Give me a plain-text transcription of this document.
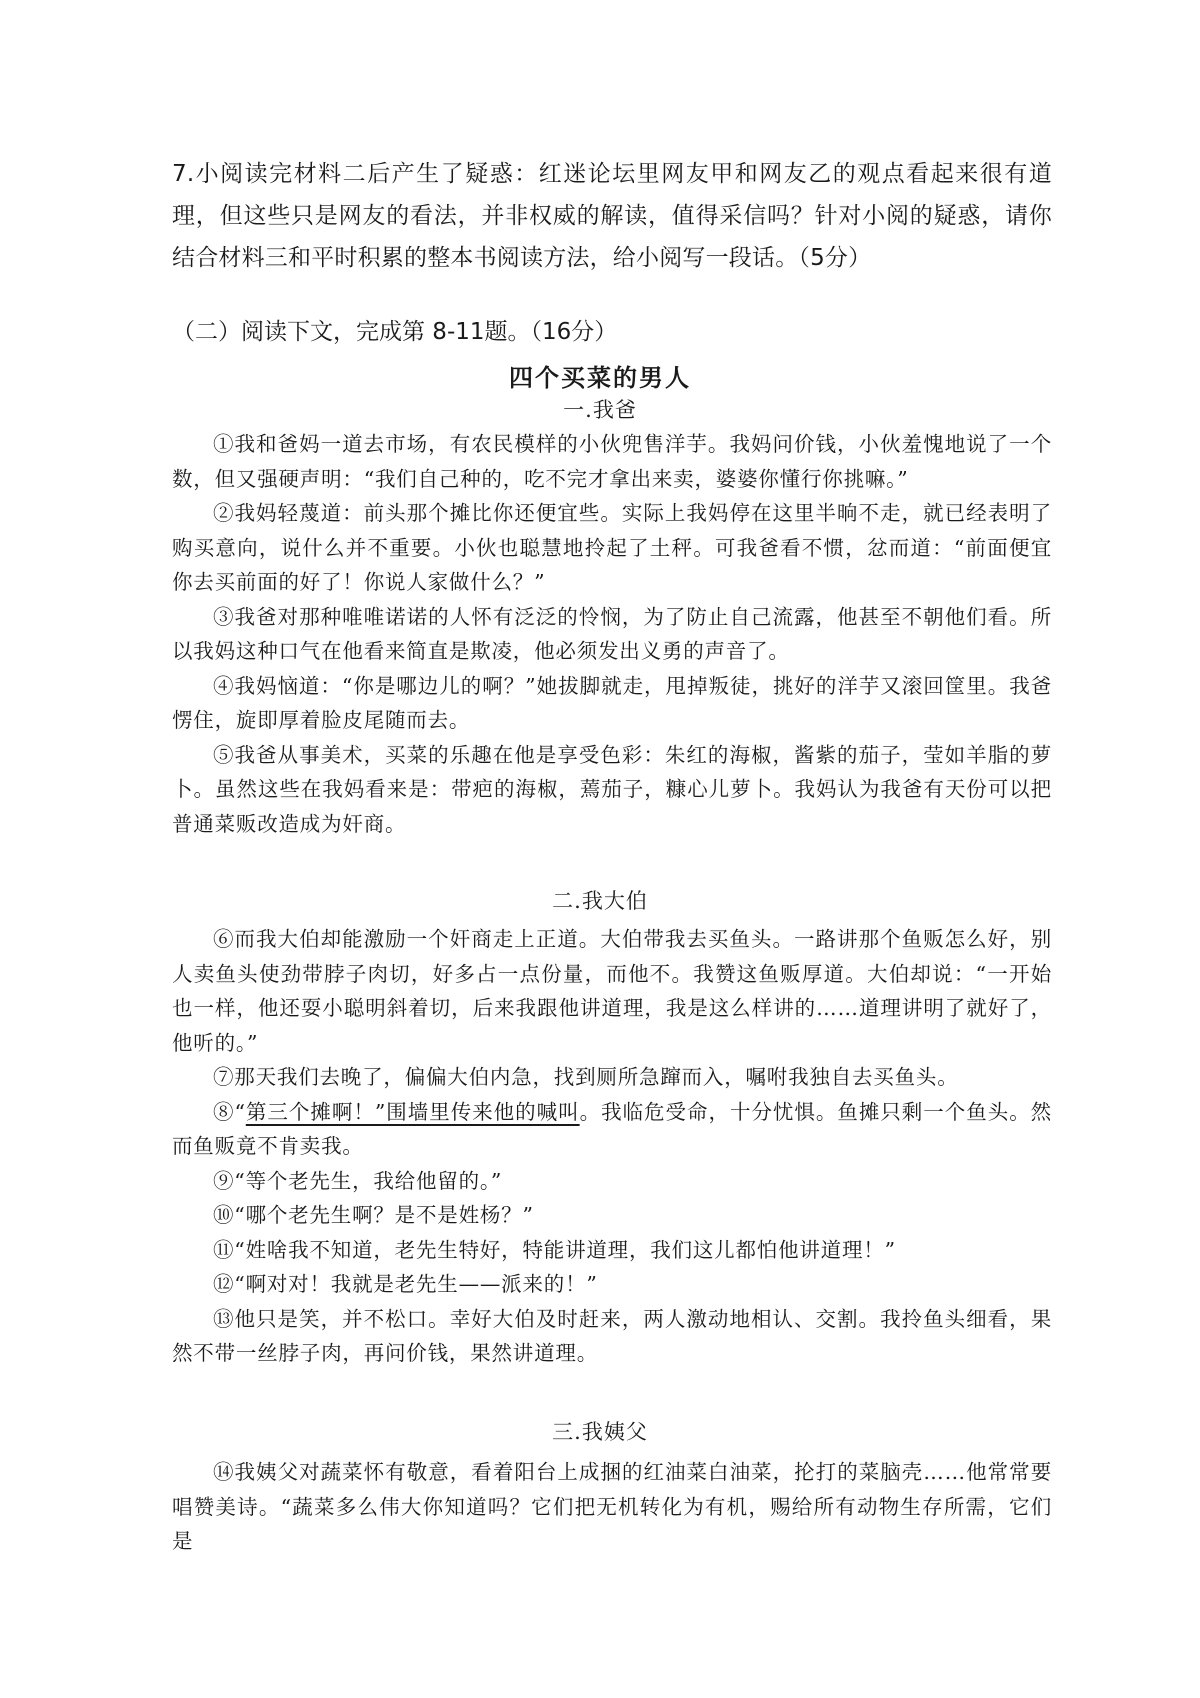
7.小阅读完材料二后产生了疑惑：红迷论坛里网友甲和网友乙的观点看起来很有道理，但这些只是网友的看法，并非权威的解读，值得采信吗？针对小阅的疑惑，请你结合材料三和平时积累的整本书阅读方法，给小阅写一段话。（5分）
（二）阅读下文，完成第 8-11题。（16分）
四个买菜的男人
一.我爸

①我和爸妈一道去市场，有农民模样的小伙兜售洋芋。我妈问价钱，小伙羞愧地说了一个数，但又强硬声明：“我们自己种的，吃不完才拿出来卖，婆婆你懂行你挑嘛。”

②我妈轻蔑道：前头那个摊比你还便宜些。实际上我妈停在这里半晌不走，就已经表明了购买意向，说什么并不重要。小伙也聪慧地拎起了土秤。可我爸看不惯，忿而道：“前面便宜你去买前面的好了！你说人家做什么？”

③我爸对那种唯唯诺诺的人怀有泛泛的怜悯，为了防止自己流露，他甚至不朝他们看。所以我妈这种口气在他看来简直是欺凌，他必须发出义勇的声音了。

④我妈恼道：“你是哪边儿的啊？”她拔脚就走，甩掉叛徒，挑好的洋芋又滚回筐里。我爸愣住，旋即厚着脸皮尾随而去。

⑤我爸从事美术，买菜的乐趣在他是享受色彩：朱红的海椒，酱紫的茄子，莹如羊脂的萝卜。虽然这些在我妈看来是：带疤的海椒，蔫茄子，糠心儿萝卜。我妈认为我爸有天份可以把普通菜贩改造成为奸商。

二.我大伯

⑥而我大伯却能激励一个奸商走上正道。大伯带我去买鱼头。一路讲那个鱼贩怎么好，别人卖鱼头使劲带脖子肉切，好多占一点份量，而他不。我赞这鱼贩厚道。大伯却说：“一开始也一样，他还耍小聪明斜着切，后来我跟他讲道理，我是这么样讲的……道理讲明了就好了，他听的。”

⑦那天我们去晚了，偏偏大伯内急，找到厕所急蹿而入，嘱咐我独自去买鱼头。

⑧“第三个摊啊！”围墙里传来他的喊叫。我临危受命，十分忧惧。鱼摊只剩一个鱼头。然而鱼贩竟不肯卖我。

⑨“等个老先生，我给他留的。”

⑩“哪个老先生啊？是不是姓杨？”

⑪“姓啥我不知道，老先生特好，特能讲道理，我们这儿都怕他讲道理！”

⑫“啊对对！我就是老先生——派来的！”

⑬他只是笑，并不松口。幸好大伯及时赶来，两人激动地相认、交割。我拎鱼头细看，果然不带一丝脖子肉，再问价钱，果然讲道理。

三.我姨父

⑭我姨父对蔬菜怀有敬意，看着阳台上成捆的红油菜白油菜，抡打的菜脑壳……他常常要唱赞美诗。“蔬菜多么伟大你知道吗？它们把无机转化为有机，赐给所有动物生存所需，它们是
